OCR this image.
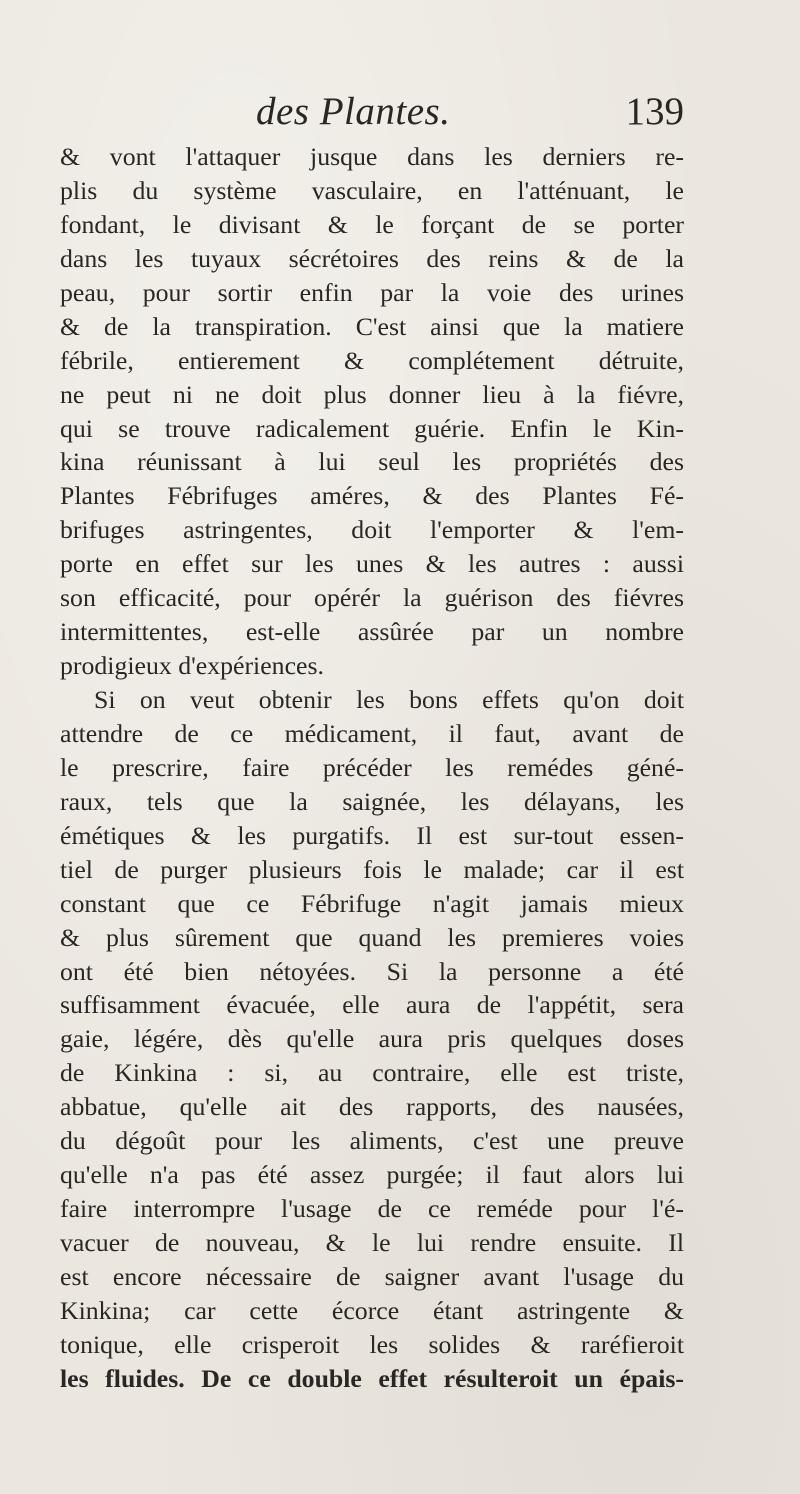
des Plantes.	139
& vont l'attaquer jusque dans les derniers re-
plis du système vasculaire, en l'atténuant, le
fondant, le divisant & le forçant de se porter
dans les tuyaux sécrétoires des reins & de la
peau, pour sortir enfin par la voie des urines
& de la transpiration. C'est ainsi que la matiere
fébrile, entierement & complétement détruite,
ne peut ni ne doit plus donner lieu à la fiévre,
qui se trouve radicalement guérie. Enfin le Kin-
kina réunissant à lui seul les propriétés des
Plantes Fébrifuges améres, & des Plantes Fé-
brifuges astringentes, doit l'emporter & l'em-
porte en effet sur les unes & les autres : aussi
son efficacité, pour opérér la guérison des fiévres
intermittentes, est-elle assûrée par un nombre
prodigieux d'expériences.
Si on veut obtenir les bons effets qu'on doit
attendre de ce médicament, il faut, avant de
le prescrire, faire précéder les remédes géné-
raux, tels que la saignée, les délayans, les
émétiques & les purgatifs. Il est sur-tout essen-
tiel de purger plusieurs fois le malade; car il est
constant que ce Fébrifuge n'agit jamais mieux
& plus sûrement que quand les premieres voies
ont été bien nétoyées. Si la personne a été
suffisamment évacuée, elle aura de l'appétit, sera
gaie, légére, dès qu'elle aura pris quelques doses
de Kinkina : si, au contraire, elle est triste,
abbatue, qu'elle ait des rapports, des nausées,
du dégoût pour les aliments, c'est une preuve
qu'elle n'a pas été assez purgée; il faut alors lui
faire interrompre l'usage de ce reméde pour l'é-
vacuer de nouveau, & le lui rendre ensuite. Il
est encore nécessaire de saigner avant l'usage du
Kinkina; car cette écorce étant astringente &
tonique, elle crisperoit les solides & raréfieroit
les fluides. De ce double effet résulteroit un épais-
